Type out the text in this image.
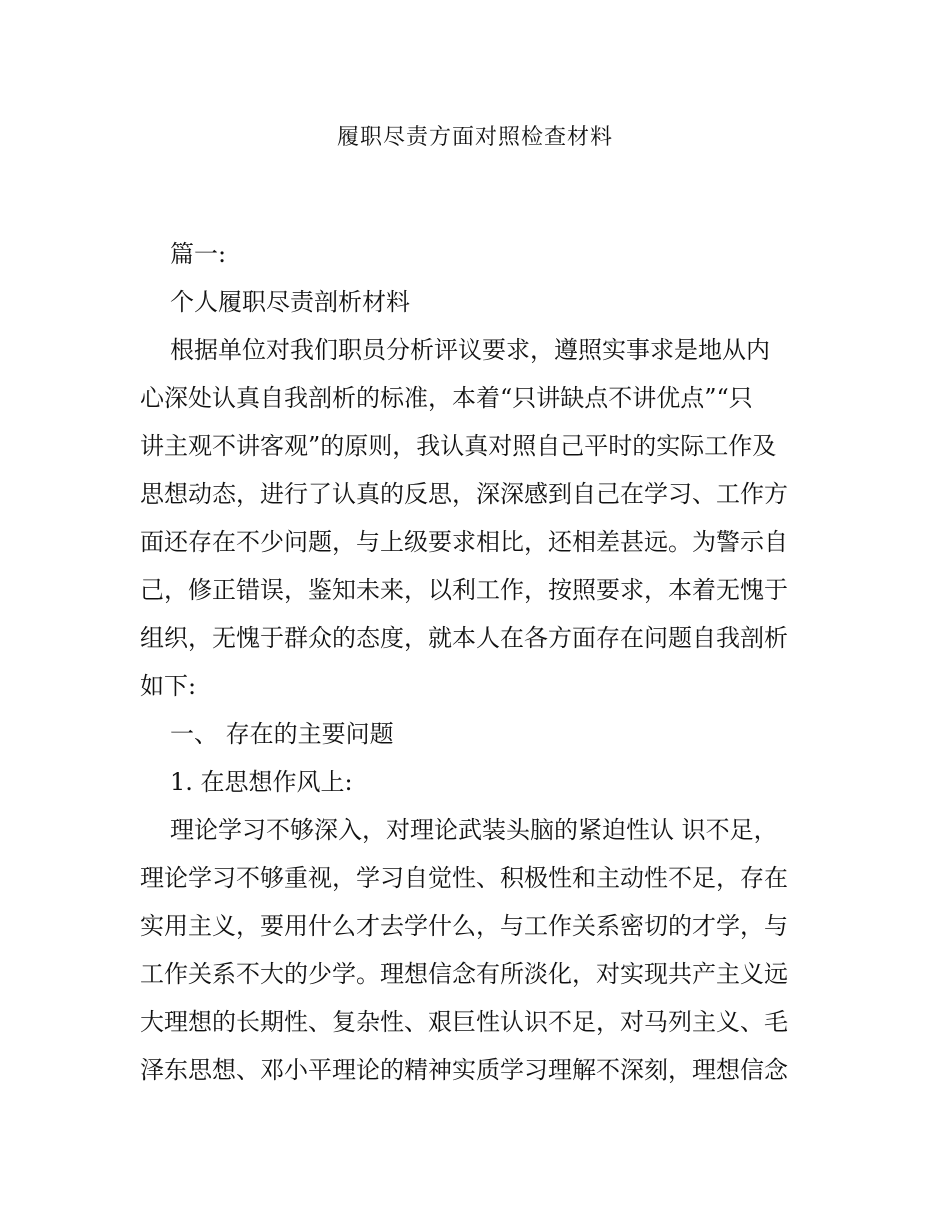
履职尽责方面对照检查材料
篇一:
个人履职尽责剖析材料
根据单位对我们职员分析评议要求，遵照实事求是地从内
心深处认真自我剖析的标准，本着“只讲缺点不讲优点”“只
讲主观不讲客观”的原则，我认真对照自己平时的实际工作及
思想动态，进行了认真的反思，深深感到自己在学习、工作方
面还存在不少问题，与上级要求相比，还相差甚远。为警示自
己，修正错误，鉴知未来，以利工作，按照要求，本着无愧于
组织，无愧于群众的态度，就本人在各方面存在问题自我剖析
如下:
一、 存在的主要问题
1. 在思想作风上:
理论学习不够深入，对理论武装头脑的紧迫性认 识不足，
理论学习不够重视，学习自觉性、积极性和主动性不足，存在
实用主义，要用什么才去学什么，与工作关系密切的才学，与
工作关系不大的少学。理想信念有所淡化，对实现共产主义远
大理想的长期性、复杂性、艰巨性认识不足，对马列主义、毛
泽东思想、邓小平理论的精神实质学习理解不深刻，理想信念
